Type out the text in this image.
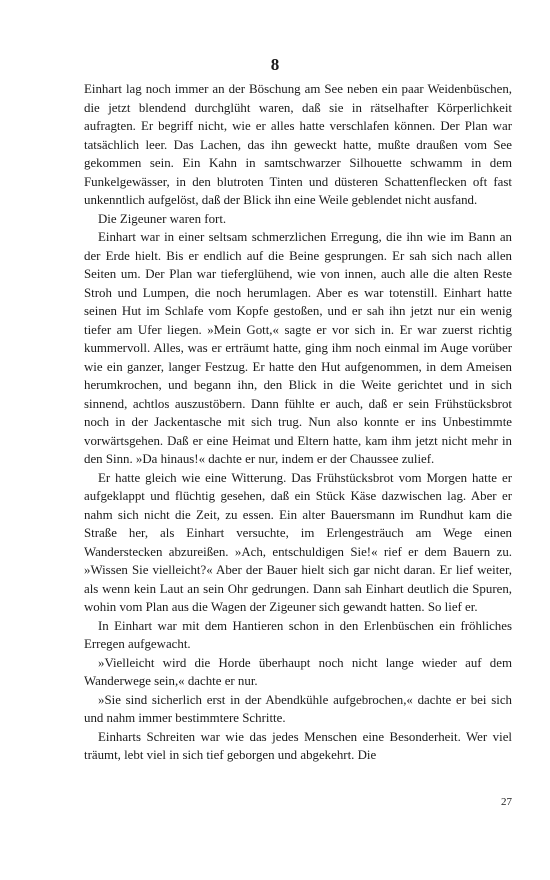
8

Einhart lag noch immer an der Böschung am See neben ein paar Weidenbüschen, die jetzt blendend durchglüht waren, daß sie in rätselhafter Körperlichkeit aufragten. Er begriff nicht, wie er alles hatte verschlafen können. Der Plan war tatsächlich leer. Das Lachen, das ihn geweckt hatte, mußte draußen vom See gekommen sein. Ein Kahn in samtschwarzer Silhouette schwamm in dem Funkelgewässer, in den blutroten Tinten und düsteren Schattenflecken oft fast unkenntlich aufgelöst, daß der Blick ihn eine Weile geblendet nicht ausfand.

Die Zigeuner waren fort.

Einhart war in einer seltsam schmerzlichen Erregung, die ihn wie im Bann an der Erde hielt. Bis er endlich auf die Beine gesprungen. Er sah sich nach allen Seiten um. Der Plan war tieferglühend, wie von innen, auch alle die alten Reste Stroh und Lumpen, die noch herumlagen. Aber es war totenstill. Einhart hatte seinen Hut im Schlafe vom Kopfe gestoßen, und er sah ihn jetzt nur ein wenig tiefer am Ufer liegen. »Mein Gott,« sagte er vor sich in. Er war zuerst richtig kummervoll. Alles, was er erträumt hatte, ging ihm noch einmal im Auge vorüber wie ein ganzer, langer Festzug. Er hatte den Hut aufgenommen, in dem Ameisen herumkrochen, und begann ihn, den Blick in die Weite gerichtet und in sich sinnend, achtlos auszustöbern. Dann fühlte er auch, daß er sein Frühstücksbrot noch in der Jackentasche mit sich trug. Nun also konnte er ins Unbestimmte vorwärtsgehen. Daß er eine Heimat und Eltern hatte, kam ihm jetzt nicht mehr in den Sinn. »Da hinaus!« dachte er nur, indem er der Chaussee zulief.

Er hatte gleich wie eine Witterung. Das Frühstücksbrot vom Morgen hatte er aufgeklappt und flüchtig gesehen, daß ein Stück Käse dazwischen lag. Aber er nahm sich nicht die Zeit, zu essen. Ein alter Bauersmann im Rundhut kam die Straße her, als Einhart versuchte, im Erlengesträuch am Wege einen Wanderstecken abzureißen. »Ach, entschuldigen Sie!« rief er dem Bauern zu. »Wissen Sie vielleicht?« Aber der Bauer hielt sich gar nicht daran. Er lief weiter, als wenn kein Laut an sein Ohr gedrungen. Dann sah Einhart deutlich die Spuren, wohin vom Plan aus die Wagen der Zigeuner sich gewandt hatten. So lief er.

In Einhart war mit dem Hantieren schon in den Erlenbüschen ein fröhliches Erregen aufgewacht.

»Vielleicht wird die Horde überhaupt noch nicht lange wieder auf dem Wanderwege sein,« dachte er nur.

»Sie sind sicherlich erst in der Abendkühle aufgebrochen,« dachte er bei sich und nahm immer bestimmtere Schritte.

Einharts Schreiten war wie das jedes Menschen eine Besonderheit. Wer viel träumt, lebt viel in sich tief geborgen und abgekehrt. Die

27
